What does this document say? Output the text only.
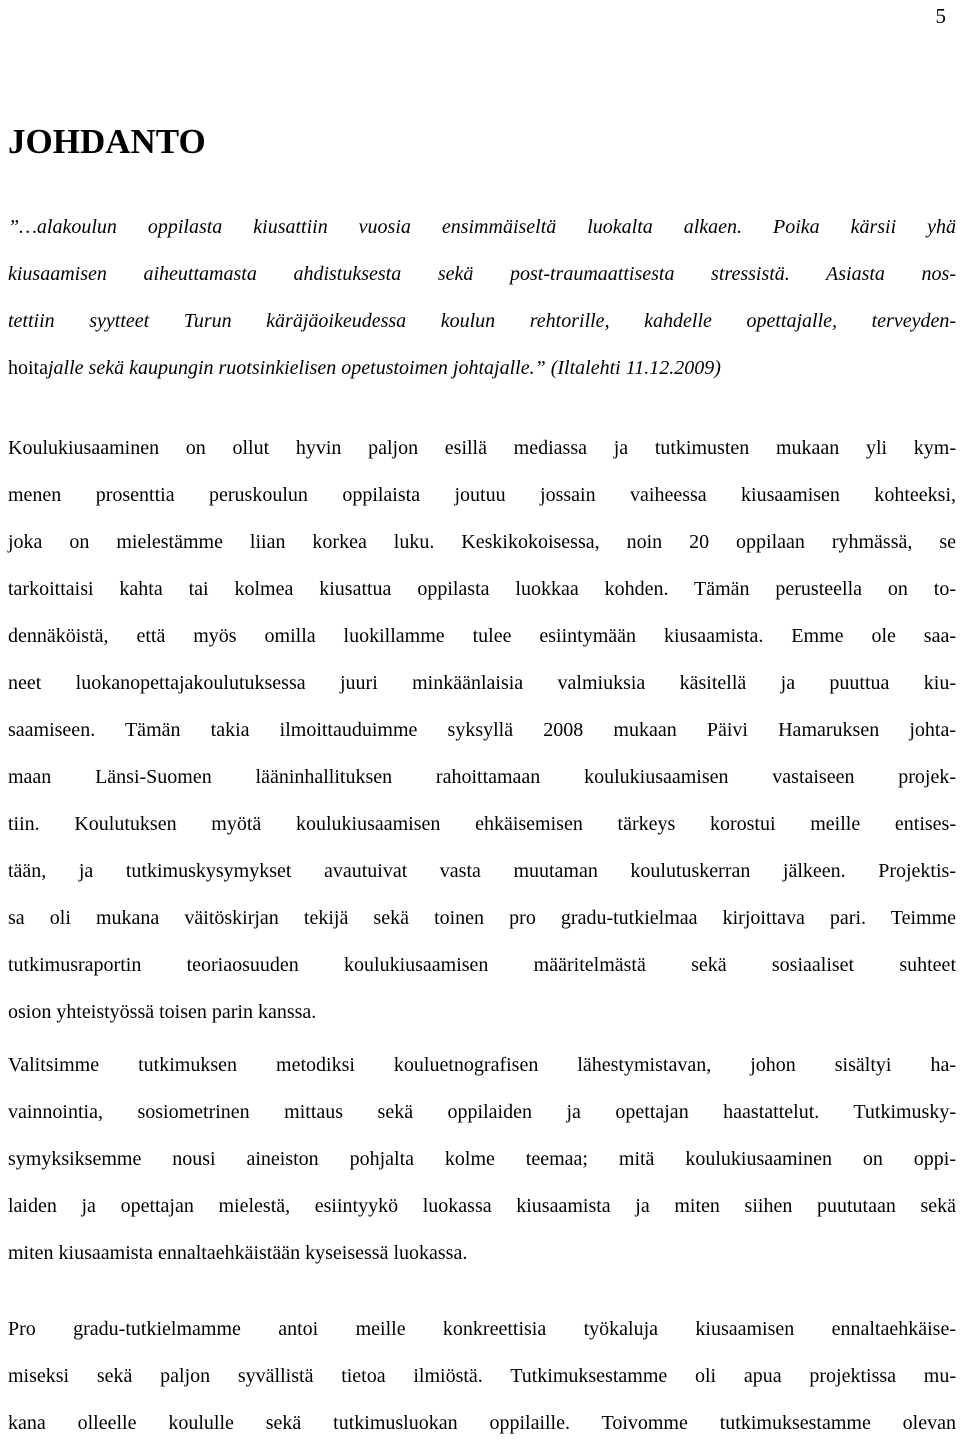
5
JOHDANTO
”…alakoulun oppilasta kiusattiin vuosia ensimmäiseltä luokalta alkaen. Poika kärsii yhä
kiusaamisen aiheuttamasta ahdistuksesta sekä post-traumaattisesta stressistä. Asiasta nos-
tettiin syytteet Turun käräjäoikeudessa koulun rehtorille, kahdelle opettajalle, terveyden-
hoitajalle sekä kaupungin ruotsinkielisen opetustoimen johtajalle.” (Iltalehti 11.12.2009)
Koulukiusaaminen on ollut hyvin paljon esillä mediassa ja tutkimusten mukaan yli kym-
menen prosenttia peruskoulun oppilaista joutuu jossain vaiheessa kiusaamisen kohteeksi,
joka on mielestämme liian korkea luku. Keskikokoisessa, noin 20 oppilaan ryhmässä, se
tarkoittaisi kahta tai kolmea kiusattua oppilasta luokkaa kohden. Tämän perusteella on to-
dennäköistä, että myös omilla luokillamme tulee esiintymään kiusaamista. Emme ole saa-
neet luokanopettajakoulutuksessa juuri minkäänlaisia valmiuksia käsitellä ja puuttua kiu-
saamiseen. Tämän takia ilmoittauduimme syksyllä 2008 mukaan Päivi Hamaruksen johta-
maan Länsi-Suomen lääninhallituksen rahoittamaan koulukiusaamisen vastaiseen projek-
tiin. Koulutuksen myötä koulukiusaamisen ehkäisemisen tärkeys korostui meille entises-
tään, ja tutkimuskysymykset avautuivat vasta muutaman koulutuskerran jälkeen. Projektis-
sa oli mukana väitöskirjan tekijä sekä toinen pro gradu-tutkielmaa kirjoittava pari. Teimme
tutkimusraportin teoriaosuuden koulukiusaamisen määritelmästä sekä sosiaaliset suhteet
osion yhteistyössä toisen parin kanssa.
Valitsimme tutkimuksen metodiksi kouluetnografisen lähestymistavan, johon sisältyi ha-
vainnointia, sosiometrinen mittaus sekä oppilaiden ja opettajan haastattelut. Tutkimusky-
symyksiksemme nousi aineiston pohjalta kolme teemaa; mitä koulukiusaaminen on oppi-
laiden ja opettajan mielestä, esiintyykö luokassa kiusaamista ja miten siihen puututaan sekä
miten kiusaamista ennaltaehkäistään kyseisessä luokassa.
Pro gradu-tutkielmamme antoi meille konkreettisia työkaluja kiusaamisen ennaltaehkäise-
miseksi sekä paljon syvällistä tietoa ilmiöstä. Tutkimuksestamme oli apua projektissa mu-
kana olleelle koululle sekä tutkimusluokan oppilaille. Toivomme tutkimuksestamme olevan
